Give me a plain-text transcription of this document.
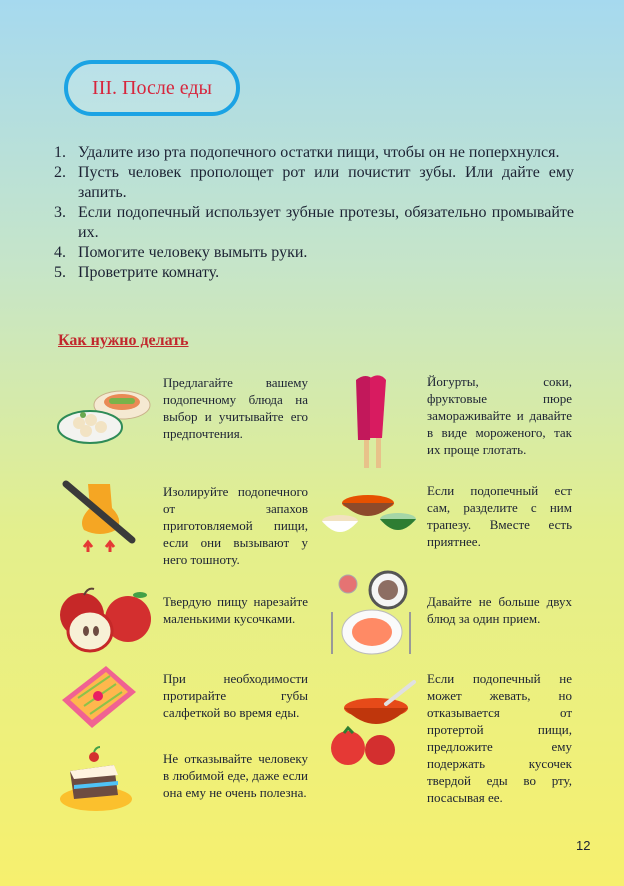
III. После еды
1. Удалите изо рта подопечного остатки пищи, чтобы он не поперхнулся.
2. Пусть человек прополощет рот или почистит зубы. Или дайте ему запить.
3. Если подопечный использует зубные протезы, обязательно промывайте их.
4. Помогите человеку вымыть руки.
5. Проветрите комнату.
Как нужно делать
Предлагайте вашему подопечному блюда на выбор и учитывайте его предпочтения.
Изолируйте подопечного от запахов приготовляемой пищи, если они вызывают у него тошноту.
Твердую пищу нарезайте маленькими кусочками.
При необходимости протирайте губы салфеткой во время еды.
Не отказывайте человеку в любимой еде, даже если она ему не очень полезна.
Йогурты, соки, фруктовые пюре замораживайте и давайте в виде мороженого, так их проще глотать.
Если подопечный ест сам, разделите с ним трапезу. Вместе есть приятнее.
Давайте не больше двух блюд за один прием.
Если подопечный не может жевать, но отказывается от протертой пищи, предложите ему подержать кусочек твердой еды во рту, посасывая ее.
12
